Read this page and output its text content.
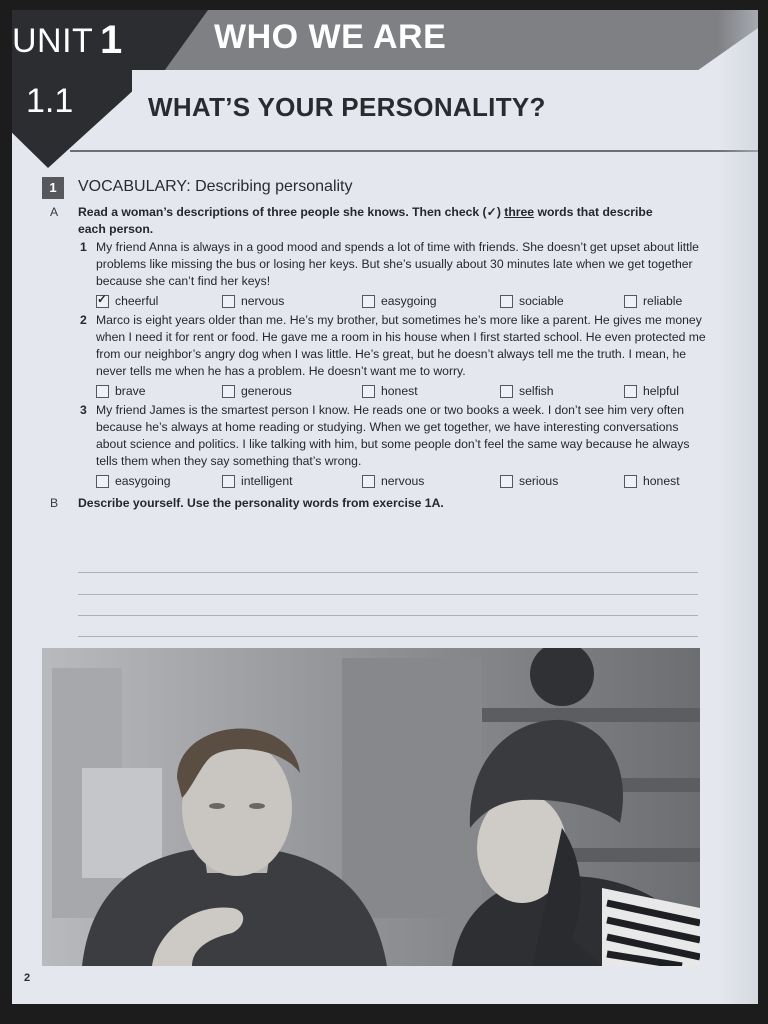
UNIT 1	WHO WE ARE
1.1	WHAT’S YOUR PERSONALITY?
1	VOCABULARY: Describing personality
A Read a woman’s descriptions of three people she knows. Then check (✓) three words that describe each person.
1 My friend Anna is always in a good mood and spends a lot of time with friends. She doesn’t get upset about little problems like missing the bus or losing her keys. But she’s usually about 30 minutes late when we get together because she can’t find her keys!
✓
cheerful	nervous	easygoing	sociable	reliable
2 Marco is eight years older than me. He’s my brother, but sometimes he’s more like a parent. He gives me money when I need it for rent or food. He gave me a room in his house when I first started school. He even protected me from our neighbor’s angry dog when I was little. He’s great, but he doesn’t always tell me the truth. I mean, he never tells me when he has a problem. He doesn’t want me to worry.
brave	generous	honest	selfish	helpful
3 My friend James is the smartest person I know. He reads one or two books a week. I don’t see him very often because he’s always at home reading or studying. When we get together, we have interesting conversations about science and politics. I like talking with him, but some people don’t feel the same way because he always tells them when they say something that’s wrong.
easygoing	intelligent	nervous	serious	honest
B Describe yourself. Use the personality words from exercise 1A.
2
